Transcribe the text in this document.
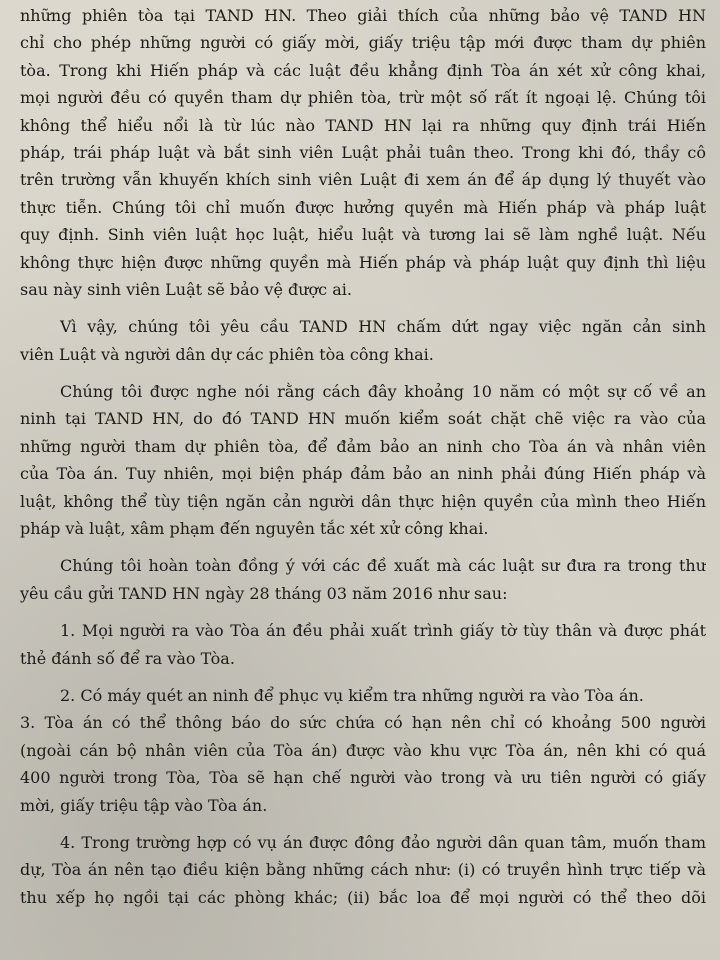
những phiên tòa tại TAND HN. Theo giải thích của những bảo vệ TAND HN
chỉ cho phép những người có giấy mời, giấy triệu tập mới được tham dự phiên
tòa. Trong khi Hiến pháp và các luật đều khẳng định Tòa án xét xử công khai,
mọi người đều có quyền tham dự phiên tòa, trừ một số rất ít ngoại lệ. Chúng tôi
không thể hiểu nổi là từ lúc nào TAND HN lại ra những quy định trái Hiến
pháp, trái pháp luật và bắt sinh viên Luật phải tuân theo. Trong khi đó, thầy cô
trên trường vẫn khuyến khích sinh viên Luật đi xem án để áp dụng lý thuyết vào
thực tiễn. Chúng tôi chỉ muốn được hưởng quyền mà Hiến pháp và pháp luật
quy định. Sinh viên luật học luật, hiểu luật và tương lai sẽ làm nghề luật. Nếu
không thực hiện được những quyền mà Hiến pháp và pháp luật quy định thì liệu
sau này sinh viên Luật sẽ bảo vệ được ai.
Vì vậy, chúng tôi yêu cầu TAND HN chấm dứt ngay việc ngăn cản sinh
viên Luật và người dân dự các phiên tòa công khai.
Chúng tôi được nghe nói rằng cách đây khoảng 10 năm có một sự cố về an
ninh tại TAND HN, do đó TAND HN muốn kiểm soát chặt chẽ việc ra vào của
những người tham dự phiên tòa, để đảm bảo an ninh cho Tòa án và nhân viên
của Tòa án. Tuy nhiên, mọi biện pháp đảm bảo an ninh phải đúng Hiến pháp và
luật, không thể tùy tiện ngăn cản người dân thực hiện quyền của mình theo Hiến
pháp và luật, xâm phạm đến nguyên tắc xét xử công khai.
Chúng tôi hoàn toàn đồng ý với các đề xuất mà các luật sư đưa ra trong thư
yêu cầu gửi TAND HN ngày 28 tháng 03 năm 2016 như sau:
1. Mọi người ra vào Tòa án đều phải xuất trình giấy tờ tùy thân và được phát
thẻ đánh số để ra vào Tòa.
2. Có máy quét an ninh để phục vụ kiểm tra những người ra vào Tòa án.
3. Tòa án có thể thông báo do sức chứa có hạn nên chỉ có khoảng 500 người
(ngoài cán bộ nhân viên của Tòa án) được vào khu vực Tòa án, nên khi có quá
400 người trong Tòa, Tòa sẽ hạn chế người vào trong và ưu tiên người có giấy
mời, giấy triệu tập vào Tòa án.
4. Trong trường hợp có vụ án được đông đảo người dân quan tâm, muốn tham
dự, Tòa án nên tạo điều kiện bằng những cách như: (i) có truyền hình trực tiếp và
thu xếp họ ngồi tại các phòng khác; (ii) bắc loa để mọi người có thể theo dõi
